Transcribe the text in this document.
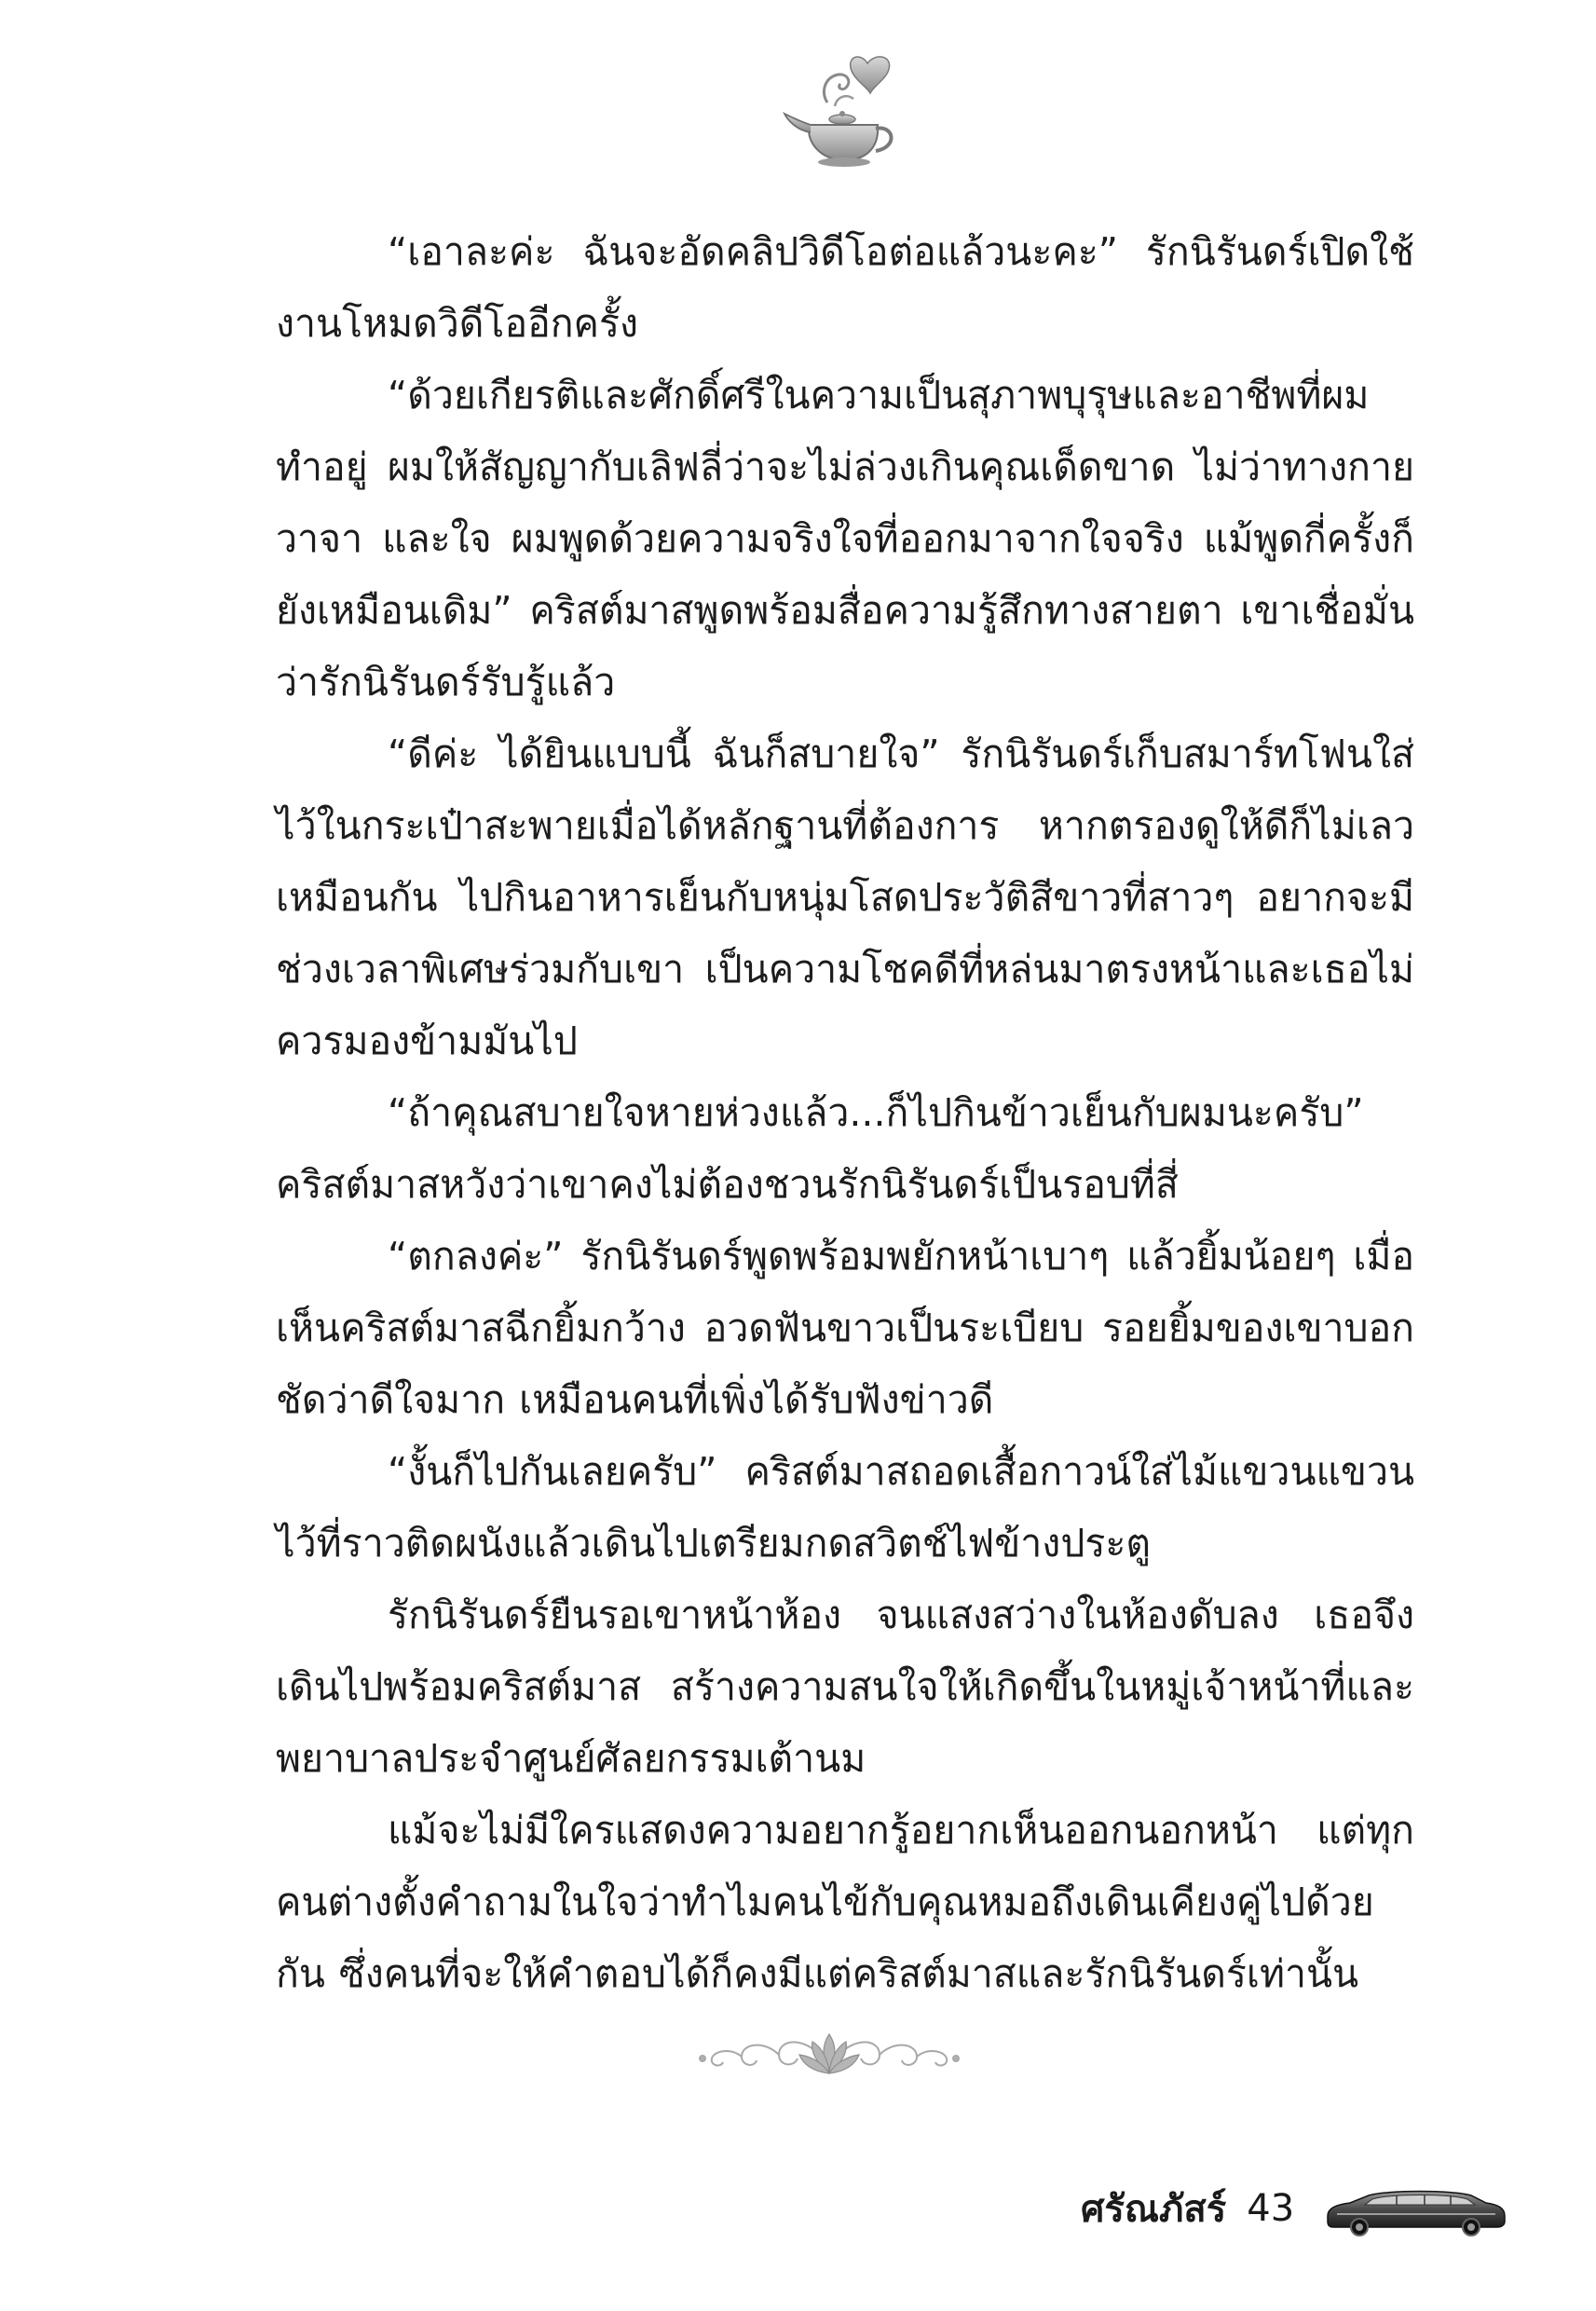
“เอาละค่ะ ฉันจะอัดคลิปวิดีโอต่อแล้วนะคะ” รักนิรันดร์เปิดใช้งานโหมดวิดีโออีกครั้ง

“ด้วยเกียรติและศักดิ์ศรีในความเป็นสุภาพบุรุษและอาชีพที่ผมทำอยู่ ผมให้สัญญากับเลิฟลี่ว่าจะไม่ล่วงเกินคุณเด็ดขาด ไม่ว่าทางกาย วาจา และใจ ผมพูดด้วยความจริงใจที่ออกมาจากใจจริง แม้พูดกี่ครั้งก็ยังเหมือนเดิม” คริสต์มาสพูดพร้อมสื่อความรู้สึกทางสายตา เขาเชื่อมั่นว่ารักนิรันดร์รับรู้แล้ว

“ดีค่ะ ได้ยินแบบนี้ ฉันก็สบายใจ” รักนิรันดร์เก็บสมาร์ทโฟนใส่ไว้ในกระเป๋าสะพายเมื่อได้หลักฐานที่ต้องการ หากตรองดูให้ดีก็ไม่เลวเหมือนกัน ไปกินอาหารเย็นกับหนุ่มโสดประวัติสีขาวที่สาวๆ อยากจะมีช่วงเวลาพิเศษร่วมกับเขา เป็นความโชคดีที่หล่นมาตรงหน้าและเธอไม่ควรมองข้ามมันไป

“ถ้าคุณสบายใจหายห่วงแล้ว...ก็ไปกินข้าวเย็นกับผมนะครับ” คริสต์มาสหวังว่าเขาคงไม่ต้องชวนรักนิรันดร์เป็นรอบที่สี่

“ตกลงค่ะ” รักนิรันดร์พูดพร้อมพยักหน้าเบาๆ แล้วยิ้มน้อยๆ เมื่อเห็นคริสต์มาสฉีกยิ้มกว้าง อวดฟันขาวเป็นระเบียบ รอยยิ้มของเขาบอกชัดว่าดีใจมาก เหมือนคนที่เพิ่งได้รับฟังข่าวดี

“งั้นก็ไปกันเลยครับ” คริสต์มาสถอดเสื้อกาวน์ใส่ไม้แขวนแขวนไว้ที่ราวติดผนังแล้วเดินไปเตรียมกดสวิตช์ไฟข้างประตู

รักนิรันดร์ยืนรอเขาหน้าห้อง จนแสงสว่างในห้องดับลง เธอจึงเดินไปพร้อมคริสต์มาส สร้างความสนใจให้เกิดขึ้นในหมู่เจ้าหน้าที่และพยาบาลประจำศูนย์ศัลยกรรมเต้านม

แม้จะไม่มีใครแสดงความอยากรู้อยากเห็นออกนอกหน้า แต่ทุกคนต่างตั้งคำถามในใจว่าทำไมคนไข้กับคุณหมอถึงเดินเคียงคู่ไปด้วยกัน ซึ่งคนที่จะให้คำตอบได้ก็คงมีแต่คริสต์มาสและรักนิรันดร์เท่านั้น

ศรัณภัสร์ 43
